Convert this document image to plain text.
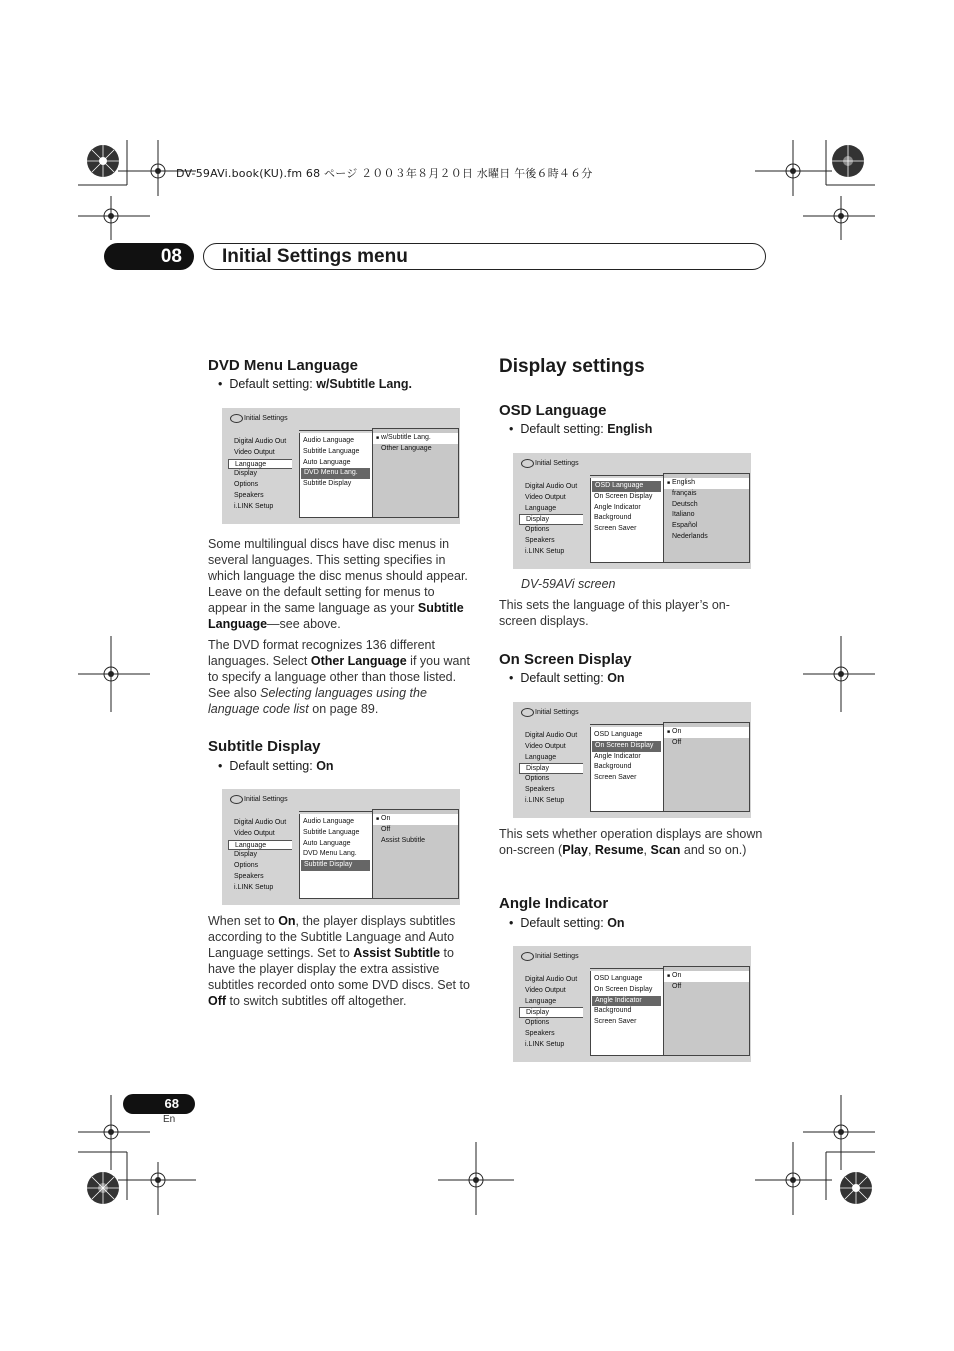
DV-59AVi.book(KU).fm 68 ページ ２００３年８月２０日 水曜日 午後６時４６分
08	Initial Settings menu
DVD Menu Language
•  Default setting: w/Subtitle Lang.
Initial Settings
Digital Audio Out
Video Output
Language
Display
Options
Speakers
i.LINK Setup
Audio Language
Subtitle Language
Auto Language
DVD Menu Lang.
Subtitle Display
■ w/Subtitle Lang.
Other Language
Some multilingual discs have disc menus in several languages. This setting specifies in which language the disc menus should appear. Leave on the default setting for menus to appear in the same language as your Subtitle Language—see above.
The DVD format recognizes 136 different languages. Select Other Language if you want to specify a language other than those listed. See also Selecting languages using the language code list on page 89.
Subtitle Display
•  Default setting: On
Initial Settings
Digital Audio Out
Video Output
Language
Display
Options
Speakers
i.LINK Setup
Audio Language
Subtitle Language
Auto Language
DVD Menu Lang.
Subtitle Display
■ On
Off
Assist Subtitle
When set to On, the player displays subtitles according to the Subtitle Language and Auto Language settings. Set to Assist Subtitle to have the player display the extra assistive subtitles recorded onto some DVD discs. Set to Off to switch subtitles off altogether.
Display settings
OSD Language
•  Default setting: English
Initial Settings
Digital Audio Out
Video Output
Language
Display
Options
Speakers
i.LINK Setup
OSD Language
On Screen Display
Angle Indicator
Background
Screen Saver
■ English
français
Deutsch
Italiano
Español
Nederlands
DV-59AVi screen
This sets the language of this player’s on-screen displays.
On Screen Display
•  Default setting: On
Initial Settings
Digital Audio Out
Video Output
Language
Display
Options
Speakers
i.LINK Setup
OSD Language
On Screen Display
Angle Indicator
Background
Screen Saver
■ On
Off
This sets whether operation displays are shown on-screen (Play, Resume, Scan and so on.)
Angle Indicator
•  Default setting: On
Initial Settings
Digital Audio Out
Video Output
Language
Display
Options
Speakers
i.LINK Setup
OSD Language
On Screen Display
Angle Indicator
Background
Screen Saver
■ On
Off
68
En
